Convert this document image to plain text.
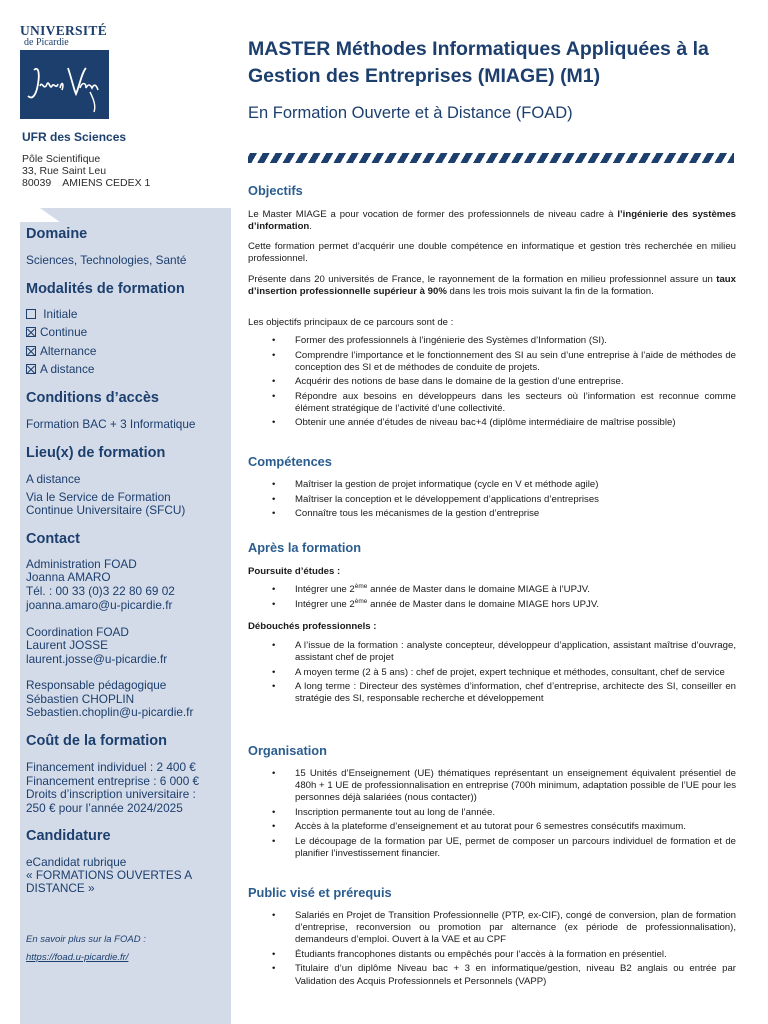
UNIVERSITÉ
de Picardie
UFR des Sciences
Pôle Scientifique
33, Rue Saint Leu
80039    AMIENS CEDEX 1
Domaine
Sciences, Technologies, Santé
Modalités de formation
Initiale
Continue
Alternance
A distance
Conditions d’accès
Formation BAC + 3 Informatique
Lieu(x) de formation
A distance
Via le Service de Formation
Continue Universitaire (SFCU)
Contact
Administration FOAD
Joanna AMARO
Tél. : 00 33 (0)3 22 80 69 02
joanna.amaro@u-picardie.fr
Coordination FOAD
Laurent JOSSE
laurent.josse@u-picardie.fr
Responsable pédagogique
Sébastien CHOPLIN
Sebastien.choplin@u-picardie.fr
Coût de la formation
Financement individuel : 2 400 €
Financement entreprise : 6 000 €
Droits d’inscription universitaire :
250 € pour l’année 2024/2025
Candidature
eCandidat rubrique
« FORMATIONS OUVERTES A
DISTANCE »
En savoir plus sur la FOAD :
https://foad.u-picardie.fr/
MASTER Méthodes Informatiques Appliquées à la
Gestion des Entreprises (MIAGE) (M1)
En Formation Ouverte et à Distance (FOAD)
Objectifs
Le Master MIAGE a pour vocation de former des professionnels de niveau cadre à l’ingénierie des systèmes d’information.
Cette formation permet d’acquérir une double compétence en informatique et gestion très recherchée en milieu professionnel.
Présente dans 20 universités de France, le rayonnement de la formation en milieu professionnel assure un taux d’insertion professionnelle supérieur à 90% dans les trois mois suivant la fin de la formation.
Les objectifs principaux de ce parcours sont de :
• Former des professionnels à l’ingénierie des Systèmes d’Information (SI).
• Comprendre l’importance et le fonctionnement des SI au sein d’une entreprise à l’aide de méthodes de conception des SI et de méthodes de conduite de projets.
• Acquérir des notions de base dans le domaine de la gestion d’une entreprise.
• Répondre aux besoins en développeurs dans les secteurs où l’information est reconnue comme élément stratégique de l’activité d’une collectivité.
• Obtenir une année d’études de niveau bac+4 (diplôme intermédiaire de maîtrise possible)
Compétences
• Maîtriser la gestion de projet informatique (cycle en V et méthode agile)
• Maîtriser la conception et le développement d’applications d’entreprises
• Connaître tous les mécanismes de la gestion d’entreprise
Après la formation
Poursuite d’études :
• Intégrer une 2ème année de Master dans le domaine MIAGE à l’UPJV.
• Intégrer une 2ème année de Master dans le domaine MIAGE hors UPJV.
Débouchés professionnels :
• A l’issue de la formation : analyste concepteur, développeur d’application, assistant maîtrise d’ouvrage, assistant chef de projet
• A moyen terme (2 à 5 ans) : chef de projet, expert technique et méthodes, consultant, chef de service
• A long terme : Directeur des systèmes d’information, chef d’entreprise, architecte des SI, conseiller en stratégie des SI, responsable recherche et développement
Organisation
• 15 Unités d’Enseignement (UE) thématiques représentant un enseignement équivalent présentiel de 480h + 1 UE de professionnalisation en entreprise (700h minimum, adaptation possible de l’UE pour les personnes déjà salariées (nous contacter))
• Inscription permanente tout au long de l’année.
• Accès à la plateforme d’enseignement et au tutorat pour 6 semestres consécutifs maximum.
• Le découpage de la formation par UE, permet de composer un parcours individuel de formation et de planifier l’investissement financier.
Public visé et prérequis
• Salariés en Projet de Transition Professionnelle (PTP, ex-CIF), congé de conversion, plan de formation d’entreprise, reconversion ou promotion par alternance (ex période de professionnalisation), demandeurs d’emploi. Ouvert à la VAE et au CPF
• Étudiants francophones distants ou empêchés pour l’accès à la formation en présentiel.
• Titulaire d’un diplôme Niveau bac + 3 en informatique/gestion, niveau B2 anglais ou entrée par Validation des Acquis Professionnels et Personnels (VAPP)
